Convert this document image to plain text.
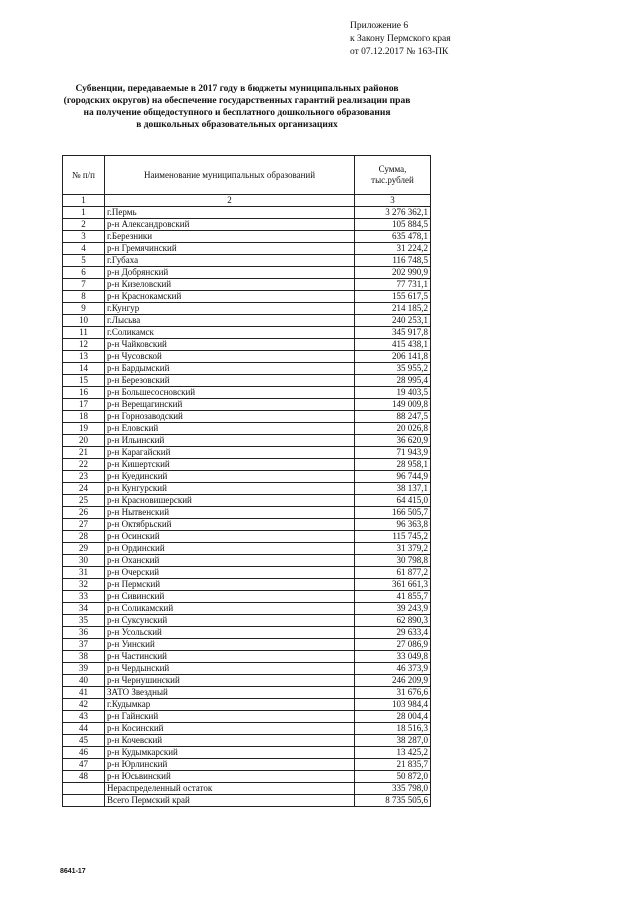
Приложение 6
к Закону Пермского края
от 07.12.2017 № 163-ПК
Субвенции, передаваемые в 2017 году в бюджеты муниципальных районов
(городских округов) на обеспечение государственных гарантий реализации прав
на получение общедоступного и бесплатного дошкольного образования
в дошкольных образовательных организациях
№ п/п	Наименование муниципальных образований	Сумма, тыс.рублей
1	2	3
1	г.Пермь	3 276 362,1
2	р-н Александровский	105 884,5
3	г.Березники	635 478,1
4	р-н Гремячинский	31 224,2
5	г.Губаха	116 748,5
6	р-н Добрянский	202 990,9
7	р-н Кизеловский	77 731,1
8	р-н Краснокамский	155 617,5
9	г.Кунгур	214 185,2
10	г.Лысьва	240 253,1
11	г.Соликамск	345 917,8
12	р-н Чайковский	415 438,1
13	р-н Чусовской	206 141,8
14	р-н Бардымский	35 955,2
15	р-н Березовский	28 995,4
16	р-н Большесосновский	19 403,5
17	р-н Верещагинский	149 009,8
18	р-н Горнозаводский	88 247,5
19	р-н Еловский	20 026,8
20	р-н Ильинский	36 620,9
21	р-н Карагайский	71 943,9
22	р-н Кишертский	28 958,1
23	р-н Куединский	96 744,9
24	р-н Кунгурский	38 137,1
25	р-н Красновишерский	64 415,0
26	р-н Нытвенский	166 505,7
27	р-н Октябрьский	96 363,8
28	р-н Осинский	115 745,2
29	р-н Ординский	31 379,2
30	р-н Оханский	30 798,8
31	р-н Очерский	61 877,2
32	р-н Пермский	361 661,3
33	р-н Сивинский	41 855,7
34	р-н Соликамский	39 243,9
35	р-н Суксунский	62 890,3
36	р-н Усольский	29 633,4
37	р-н Уинский	27 086,9
38	р-н Частинский	33 049,8
39	р-н Чердынский	46 373,9
40	р-н Чернушинский	246 209,9
41	ЗАТО Звездный	31 676,6
42	г.Кудымкар	103 984,4
43	р-н Гайнский	28 004,4
44	р-н Косинский	18 516,3
45	р-н Кочевский	38 287,0
46	р-н Кудымкарский	13 425,2
47	р-н Юрлинский	21 835,7
48	р-н Юсьвинский	50 872,0
	Нераспределенный остаток	335 798,0
	Всего Пермский край	8 735 505,6
8641-17
